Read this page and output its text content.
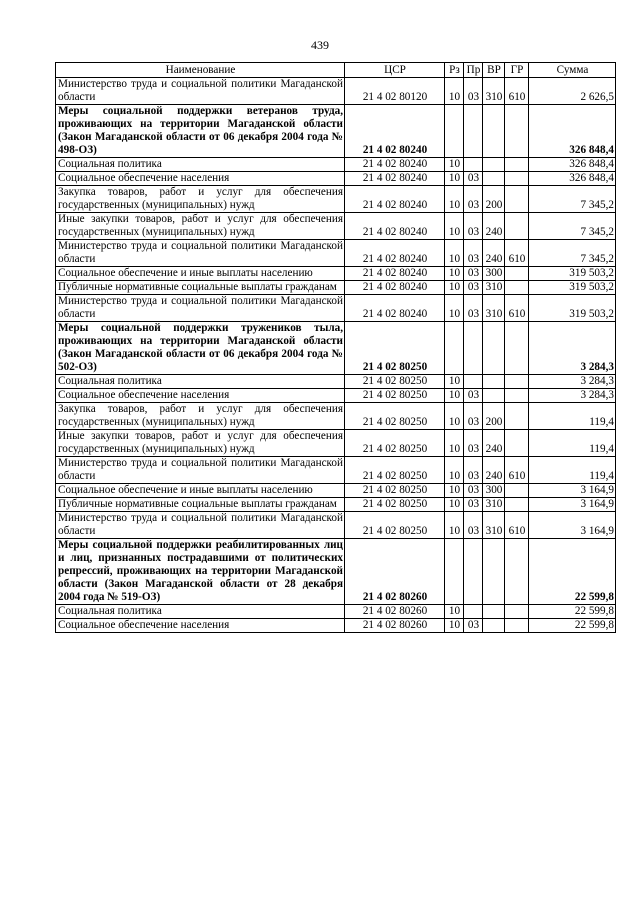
439
Наименование	ЦСР	Рз	Пр	ВР	ГР	Сумма
Министерство труда и социальной политики Магаданской области	21 4 02 80120	10	03	310	610	2 626,5
Меры социальной поддержки ветеранов труда, проживающих на территории Магаданской области (Закон Магаданской области от 06 декабря 2004 года № 498-ОЗ)	21 4 02 80240					326 848,4
Социальная политика	21 4 02 80240	10				326 848,4
Социальное обеспечение населения	21 4 02 80240	10	03			326 848,4
Закупка товаров, работ и услуг для обеспечения государственных (муниципальных) нужд	21 4 02 80240	10	03	200		7 345,2
Иные закупки товаров, работ и услуг для обеспечения государственных (муниципальных) нужд	21 4 02 80240	10	03	240		7 345,2
Министерство труда и социальной политики Магаданской области	21 4 02 80240	10	03	240	610	7 345,2
Социальное обеспечение и иные выплаты населению	21 4 02 80240	10	03	300		319 503,2
Публичные нормативные социальные выплаты гражданам	21 4 02 80240	10	03	310		319 503,2
Министерство труда и социальной политики Магаданской области	21 4 02 80240	10	03	310	610	319 503,2
Меры социальной поддержки тружеников тыла, проживающих на территории Магаданской области (Закон Магаданской области от 06 декабря 2004 года № 502-ОЗ)	21 4 02 80250					3 284,3
Социальная политика	21 4 02 80250	10				3 284,3
Социальное обеспечение населения	21 4 02 80250	10	03			3 284,3
Закупка товаров, работ и услуг для обеспечения государственных (муниципальных) нужд	21 4 02 80250	10	03	200		119,4
Иные закупки товаров, работ и услуг для обеспечения государственных (муниципальных) нужд	21 4 02 80250	10	03	240		119,4
Министерство труда и социальной политики Магаданской области	21 4 02 80250	10	03	240	610	119,4
Социальное обеспечение и иные выплаты населению	21 4 02 80250	10	03	300		3 164,9
Публичные нормативные социальные выплаты гражданам	21 4 02 80250	10	03	310		3 164,9
Министерство труда и социальной политики Магаданской области	21 4 02 80250	10	03	310	610	3 164,9
Меры социальной поддержки реабилитированных лиц и лиц, признанных пострадавшими от политических репрессий, проживающих на территории Магаданской области (Закон Магаданской области от 28 декабря 2004 года № 519-ОЗ)	21 4 02 80260					22 599,8
Социальная политика	21 4 02 80260	10				22 599,8
Социальное обеспечение населения	21 4 02 80260	10	03			22 599,8
